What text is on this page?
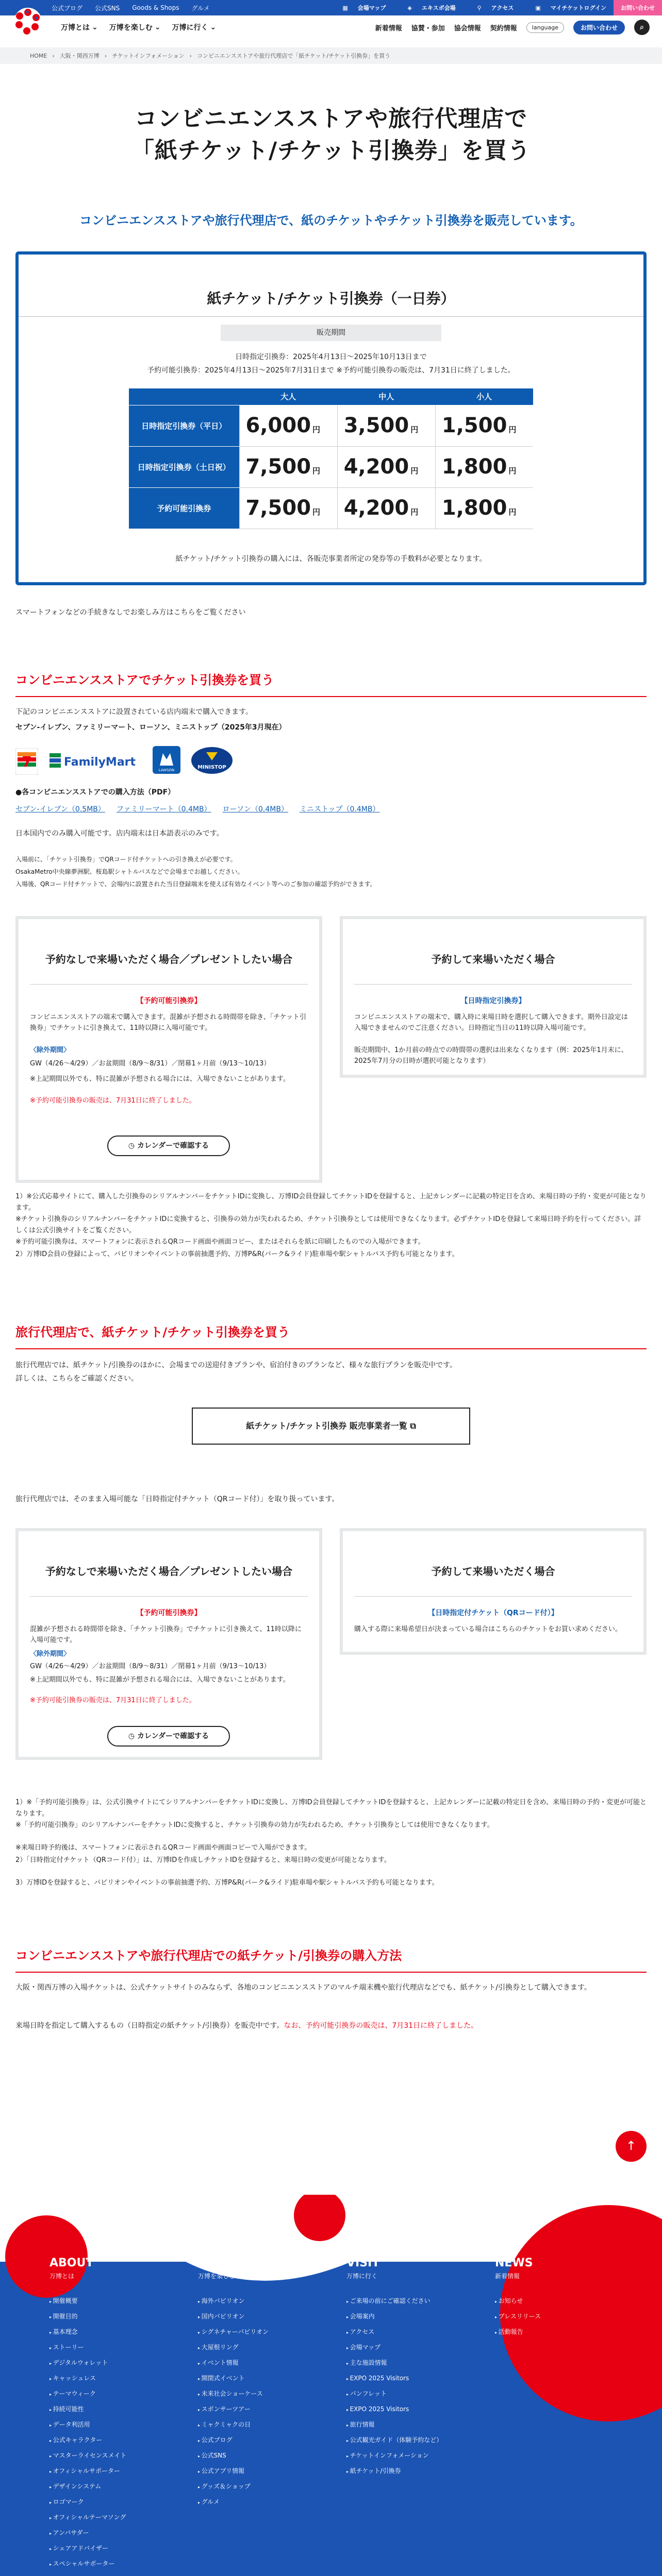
公式ブログ 公式SNS Goods & Shops グルメ	▦	会場マップ	◈	エキスポ会場	⚲	アクセス	▣	マイチケットログイン	お問い合わせ
万博とは ⌄ 万博を楽しむ ⌄ 万博に行く ⌄	新着情報 協賛・参加 協会情報 契約情報	language	お問い合わせ	⌕
HOME › 大阪・関西万博 › チケットインフォメーション › コンビニエンスストアや旅行代理店で「紙チケット/チケット引換券」を買う
コンビニエンスストアや旅行代理店で
「紙チケット/チケット引換券」を買う
コンビニエンスストアや旅行代理店で、紙のチケットやチケット引換券を販売しています。
紙チケット/チケット引換券（一日券）
販売期間
日時指定引換券：2025年4月13日〜2025年10月13日まで
予約可能引換券：2025年4月13日〜2025年7月31日まで ※予約可能引換券の販売は、7月31日に終了しました。
	大人	中人	小人
日時指定引換券（平日）	6,000 円	3,500 円	1,500 円
日時指定引換券（土日祝）	7,500 円	4,200 円	1,800 円
予約可能引換券	7,500 円	4,200 円	1,800 円
紙チケット/チケット引換券の購入には、各販売事業者所定の発券等の手数料が必要となります。
スマートフォンなどの手続きなしでお楽しみ方はこちらをご覧ください
コンビニエンスストアでチケット引換券を買う
下記のコンビニエンスストアに設置されている店内端末で購入できます。
セブン-イレブン、ファミリーマート、ローソン、ミニストップ（2025年3月現在）
7	FamilyMart
LAWSON	MINISTOP
●各コンビニエンスストアでの購入方法（PDF）
セブン-イレブン（0.5MB） ファミリーマート（0.4MB） ローソン（0.4MB） ミニストップ（0.4MB）
日本国内でのみ購入可能です。店内端末は日本語表示のみです。
入場前に、「チケット引換券」でQRコード付チケットへの引き換えが必要です。
OsakaMetro中央線夢洲駅、桜島駅シャトルバスなどで会場までお越しください。
入場後、QRコード付チケットで、会場内に設置された当日登録端末を使えば有効なイベント等へのご参加の確認予約ができます。
予約なしで来場いただく場合／プレゼントしたい場合
【予約可能引換券】
コンビニエンスストアの端末で購入できます。混雑が予想される時間帯を除き、「チケット引換券」でチケットに引き換えて、11時以降に入場可能です。
〈除外期間〉
GW（4/26〜4/29）／お盆期間（8/9〜8/31）／閉幕1ヶ月前（9/13〜10/13）
※上記期間以外でも、特に混雑が予想される場合には、入場できないことがあります。
※予約可能引換券の販売は、7月31日に終了しました。
◷ カレンダーで確認する
予約して来場いただく場合
【日時指定引換券】
コンビニエンスストアの端末で、購入時に来場日時を選択して購入できます。期外日設定は入場できませんのでご注意ください。日時指定当日の11時以降入場可能です。
販売期間中、1か月前の時点での時間帯の選択は出来なくなります（例：2025年1月末に、2025年7月分の日時が選択可能となります）
1）※公式応募サイトにて、購入した引換券のシリアルナンバーをチケットIDに変換し、万博ID会員登録してチケットIDを登録すると、上記カレンダーに記載の特定日を含め、来場日時の予約・変更が可能となります。
※チケット引換券のシリアルナンバーをチケットIDに変換すると、引換券の効力が失われるため、チケット引換券としては使用できなくなります。必ずチケットIDを登録して来場日時予約を行ってください。詳しくは公式引換サイトをご覧ください。
※予約可能引換券は、スマートフォンに表示されるQRコード画面や画面コピー、またはそれらを紙に印刷したものでの入場ができます。
2）万博ID会員の登録によって、パビリオンやイベントの事前抽選予約、万博P&R(パーク&ライド)駐車場や駅シャトルバス予約も可能となります。
旅行代理店で、紙チケット/チケット引換券を買う
旅行代理店では、紙チケット/引換券のほかに、会場までの送迎付きプランや、宿泊付きのプランなど、様々な旅行プランを販売中です。
詳しくは、こちらをご確認ください。
紙チケット/チケット引換券 販売事業者一覧 ⧉
旅行代理店では、そのまま入場可能な「日時指定付チケット（QRコード付）」を取り扱っています。
予約なしで来場いただく場合／プレゼントしたい場合
【予約可能引換券】
混雑が予想される時間帯を除き、「チケット引換券」でチケットに引き換えて、11時以降に入場可能です。
〈除外期間〉
GW（4/26〜4/29）／お盆期間（8/9〜8/31）／閉幕1ヶ月前（9/13〜10/13）
※上記期間以外でも、特に混雑が予想される場合には、入場できないことがあります。
※予約可能引換券の販売は、7月31日に終了しました。
◷ カレンダーで確認する
予約して来場いただく場合
【日時指定付チケット（QRコード付）】
購入する際に来場希望日が決まっている場合はこちらのチケットをお買い求めください。
1）※「予約可能引換券」は、公式引換サイトにてシリアルナンバーをチケットIDに変換し、万博ID会員登録してチケットIDを登録すると、上記カレンダーに記載の特定日を含め、来場日時の予約・変更が可能となります。
※「予約可能引換券」のシリアルナンバーをチケットIDに変換すると、チケット引換券の効力が失われるため、チケット引換券としては使用できなくなります。
※来場日時予約後は、スマートフォンに表示されるQRコード画面や画面コピーで入場ができます。
2）「日時指定付チケット（QRコード付）」は、万博IDを作成しチケットIDを登録すると、来場日時の変更が可能となります。
3）万博IDを登録すると、パビリオンやイベントの事前抽選予約、万博P&R(パーク&ライド)駐車場や駅シャトルバス予約も可能となります。
コンビニエンスストアや旅行代理店での紙チケット/引換券の購入方法
大阪・関西万博の入場チケットは、公式チケットサイトのみならず、各地のコンビニエンスストアのマルチ端末機や旅行代理店などでも、紙チケット/引換券として購入できます。
来場日時を指定して購入するもの（日時指定の紙チケット/引換券）を販売中です。なお、予約可能引換券の販売は、7月31日に終了しました。
↑
ABOUT
万博とは
▸ 開催概要
▸ 開催目的
▸ 基本理念
▸ ストーリー
▸ デジタルウォレット
▸ キャッシュレス
▸ テーマウィーク
▸ 持続可能性
▸ データ利活用
▸ 公式キャラクター
▸ マスターライセンスメイト
▸ オフィシャルサポーター
▸ デザインシステム
▸ ロゴマーク
▸ オフィシャルテーマソング
▸ アンバサダー
▸ シェアアドバイザー
▸ スペシャルサポーター
▸
ENJOY
万博を楽しむ
▸ 海外パビリオン
▸ 国内パビリオン
▸ シグネチャーパビリオン
▸ 大屋根リング
▸ イベント情報
▸ 開閉式イベント
▸ 未来社会ショーケース
▸ スポンサーツアー
▸ ミャクミャクの日
▸ 公式ブログ
▸ 公式SNS
▸ 公式アプリ情報
▸ グッズ＆ショップ
▸ グルメ
VISIT
万博に行く
▸ ご来場の前にご確認ください
▸ 会場案内
▸ アクセス
▸ 会場マップ
▸ 主な施設情報
▸ EXPO 2025 Visitors
▸ パンフレット
▸ EXPO 2025 Visitors
▸ 旅行情報
▸ 公式観光ガイド（体験予約など）
▸ チケットインフォメーション
▸ 紙チケット/引換券
NEWS
新着情報
▸ お知らせ
▸ プレスリリース
▸ 活動報告
